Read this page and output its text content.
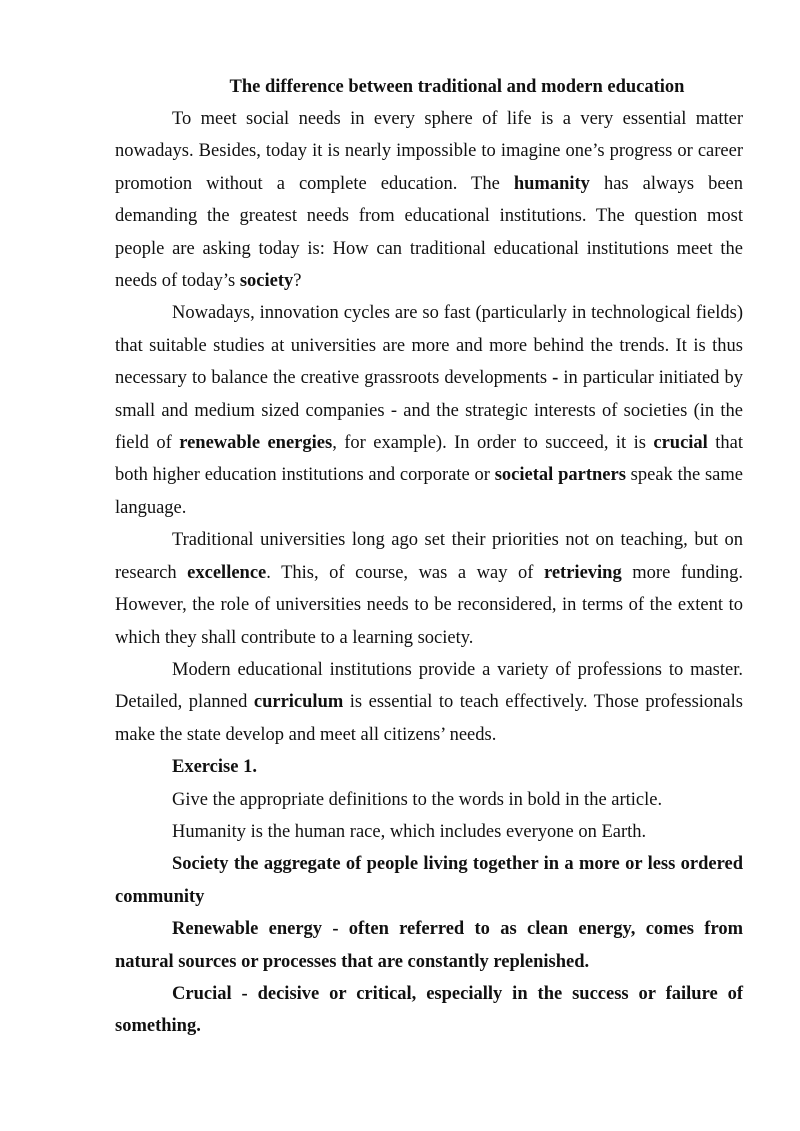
The difference between traditional and modern education

To meet social needs in every sphere of life is a very essential matter nowadays. Besides, today it is nearly impossible to imagine one’s progress or career promotion without a complete education. The humanity has always been demanding the greatest needs from educational institutions. The question most people are asking today is: How can traditional educational institutions meet the needs of today’s society?

Nowadays, innovation cycles are so fast (particularly in technological fields) that suitable studies at universities are more and more behind the trends. It is thus necessary to balance the creative grassroots developments - in particular initiated by small and medium sized companies - and the strategic interests of societies (in the field of renewable energies, for example). In order to succeed, it is crucial that both higher education institutions and corporate or societal partners speak the same language.

Traditional universities long ago set their priorities not on teaching, but on research excellence. This, of course, was a way of retrieving more funding. However, the role of universities needs to be reconsidered, in terms of the extent to which they shall contribute to a learning society.

Modern educational institutions provide a variety of professions to master. Detailed, planned curriculum is essential to teach effectively. Those professionals make the state develop and meet all citizens’ needs.

Exercise 1.

Give the appropriate definitions to the words in bold in the article.

Humanity is the human race, which includes everyone on Earth.

Society the aggregate of people living together in a more or less ordered community

Renewable energy - often referred to as clean energy, comes from natural sources or processes that are constantly replenished.

Crucial - decisive or critical, especially in the success or failure of something.
